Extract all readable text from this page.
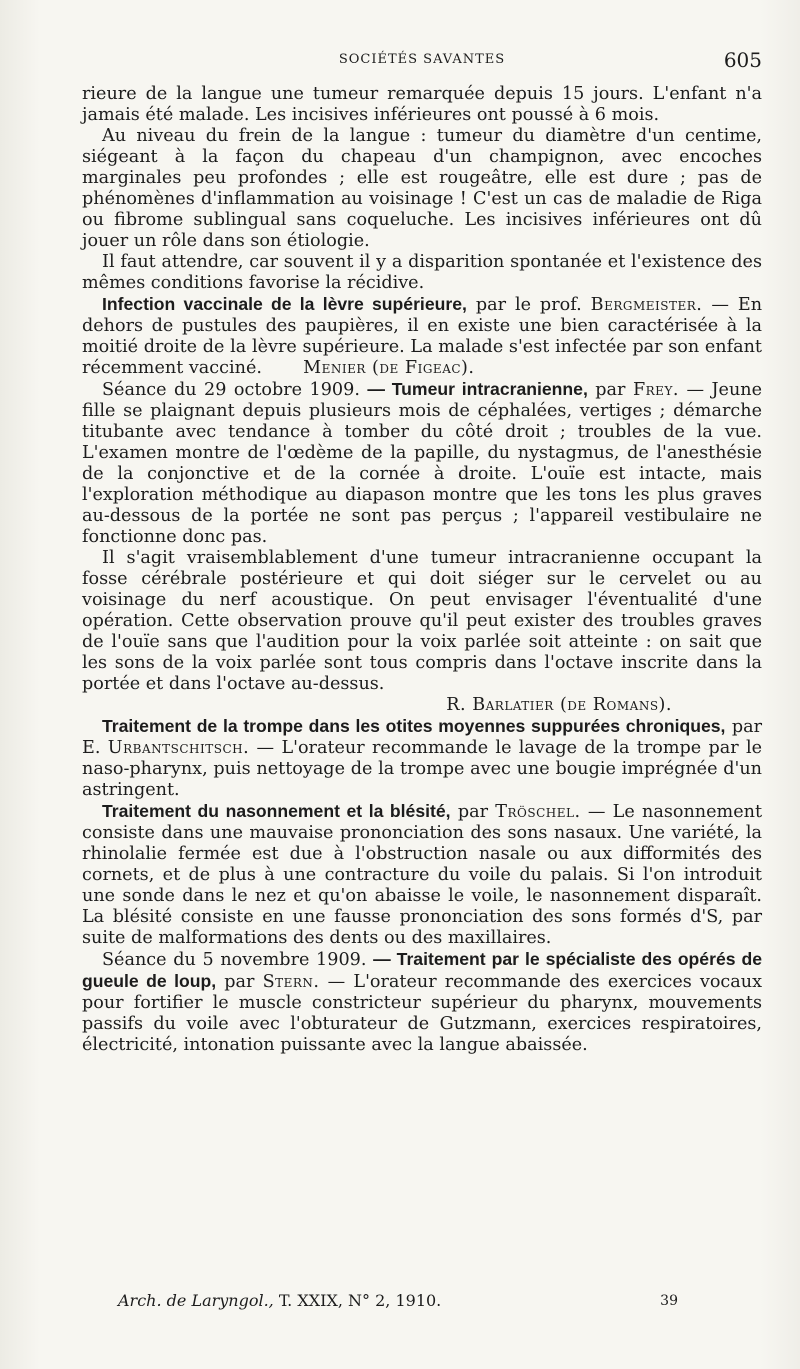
SOCIÉTÉS SAVANTES	605

rieure de la langue une tumeur remarquée depuis 15 jours. L'enfant n'a jamais été malade. Les incisives inférieures ont poussé à 6 mois.

Au niveau du frein de la langue : tumeur du diamètre d'un centime, siégeant à la façon du chapeau d'un champignon, avec encoches marginales peu profondes ; elle est rougeâtre, elle est dure ; pas de phénomènes d'inflammation au voisinage ! C'est un cas de maladie de Riga ou fibrome sublingual sans coqueluche. Les incisives inférieures ont dû jouer un rôle dans son étiologie.

Il faut attendre, car souvent il y a disparition spontanée et l'existence des mêmes conditions favorise la récidive.

Infection vaccinale de la lèvre supérieure, par le prof. Bergmeister. — En dehors de pustules des paupières, il en existe une bien caractérisée à la moitié droite de la lèvre supérieure. La malade s'est infectée par son enfant récemment vacciné. Menier (de Figeac).

Séance du 29 octobre 1909. — Tumeur intracranienne, par Frey. — Jeune fille se plaignant depuis plusieurs mois de céphalées, vertiges ; démarche titubante avec tendance à tomber du côté droit ; troubles de la vue. L'examen montre de l'œdème de la papille, du nystagmus, de l'anesthésie de la conjonctive et de la cornée à droite. L'ouïe est intacte, mais l'exploration méthodique au diapason montre que les tons les plus graves au-dessous de la portée ne sont pas perçus ; l'appareil vestibulaire ne fonctionne donc pas.

Il s'agit vraisemblablement d'une tumeur intracranienne occupant la fosse cérébrale postérieure et qui doit siéger sur le cervelet ou au voisinage du nerf acoustique. On peut envisager l'éventualité d'une opération. Cette observation prouve qu'il peut exister des troubles graves de l'ouïe sans que l'audition pour la voix parlée soit atteinte : on sait que les sons de la voix parlée sont tous compris dans l'octave inscrite dans la portée et dans l'octave au-dessus.

R. Barlatier (de Romans).

Traitement de la trompe dans les otites moyennes suppurées chroniques, par E. Urbantschitsch. — L'orateur recommande le lavage de la trompe par le naso-pharynx, puis nettoyage de la trompe avec une bougie imprégnée d'un astringent.

Traitement du nasonnement et la blésité, par Tröschel. — Le nasonnement consiste dans une mauvaise prononciation des sons nasaux. Une variété, la rhinolalie fermée est due à l'obstruction nasale ou aux difformités des cornets, et de plus à une contracture du voile du palais. Si l'on introduit une sonde dans le nez et qu'on abaisse le voile, le nasonnement disparaît. La blésité consiste en une fausse prononciation des sons formés d'S, par suite de malformations des dents ou des maxillaires.

Séance du 5 novembre 1909. — Traitement par le spécialiste des opérés de gueule de loup, par Stern. — L'orateur recommande des exercices vocaux pour fortifier le muscle constricteur supérieur du pharynx, mouvements passifs du voile avec l'obturateur de Gutzmann, exercices respiratoires, électricité, intonation puissante avec la langue abaissée.

Arch. de Laryngol., T. XXIX, N° 2, 1910.	39
